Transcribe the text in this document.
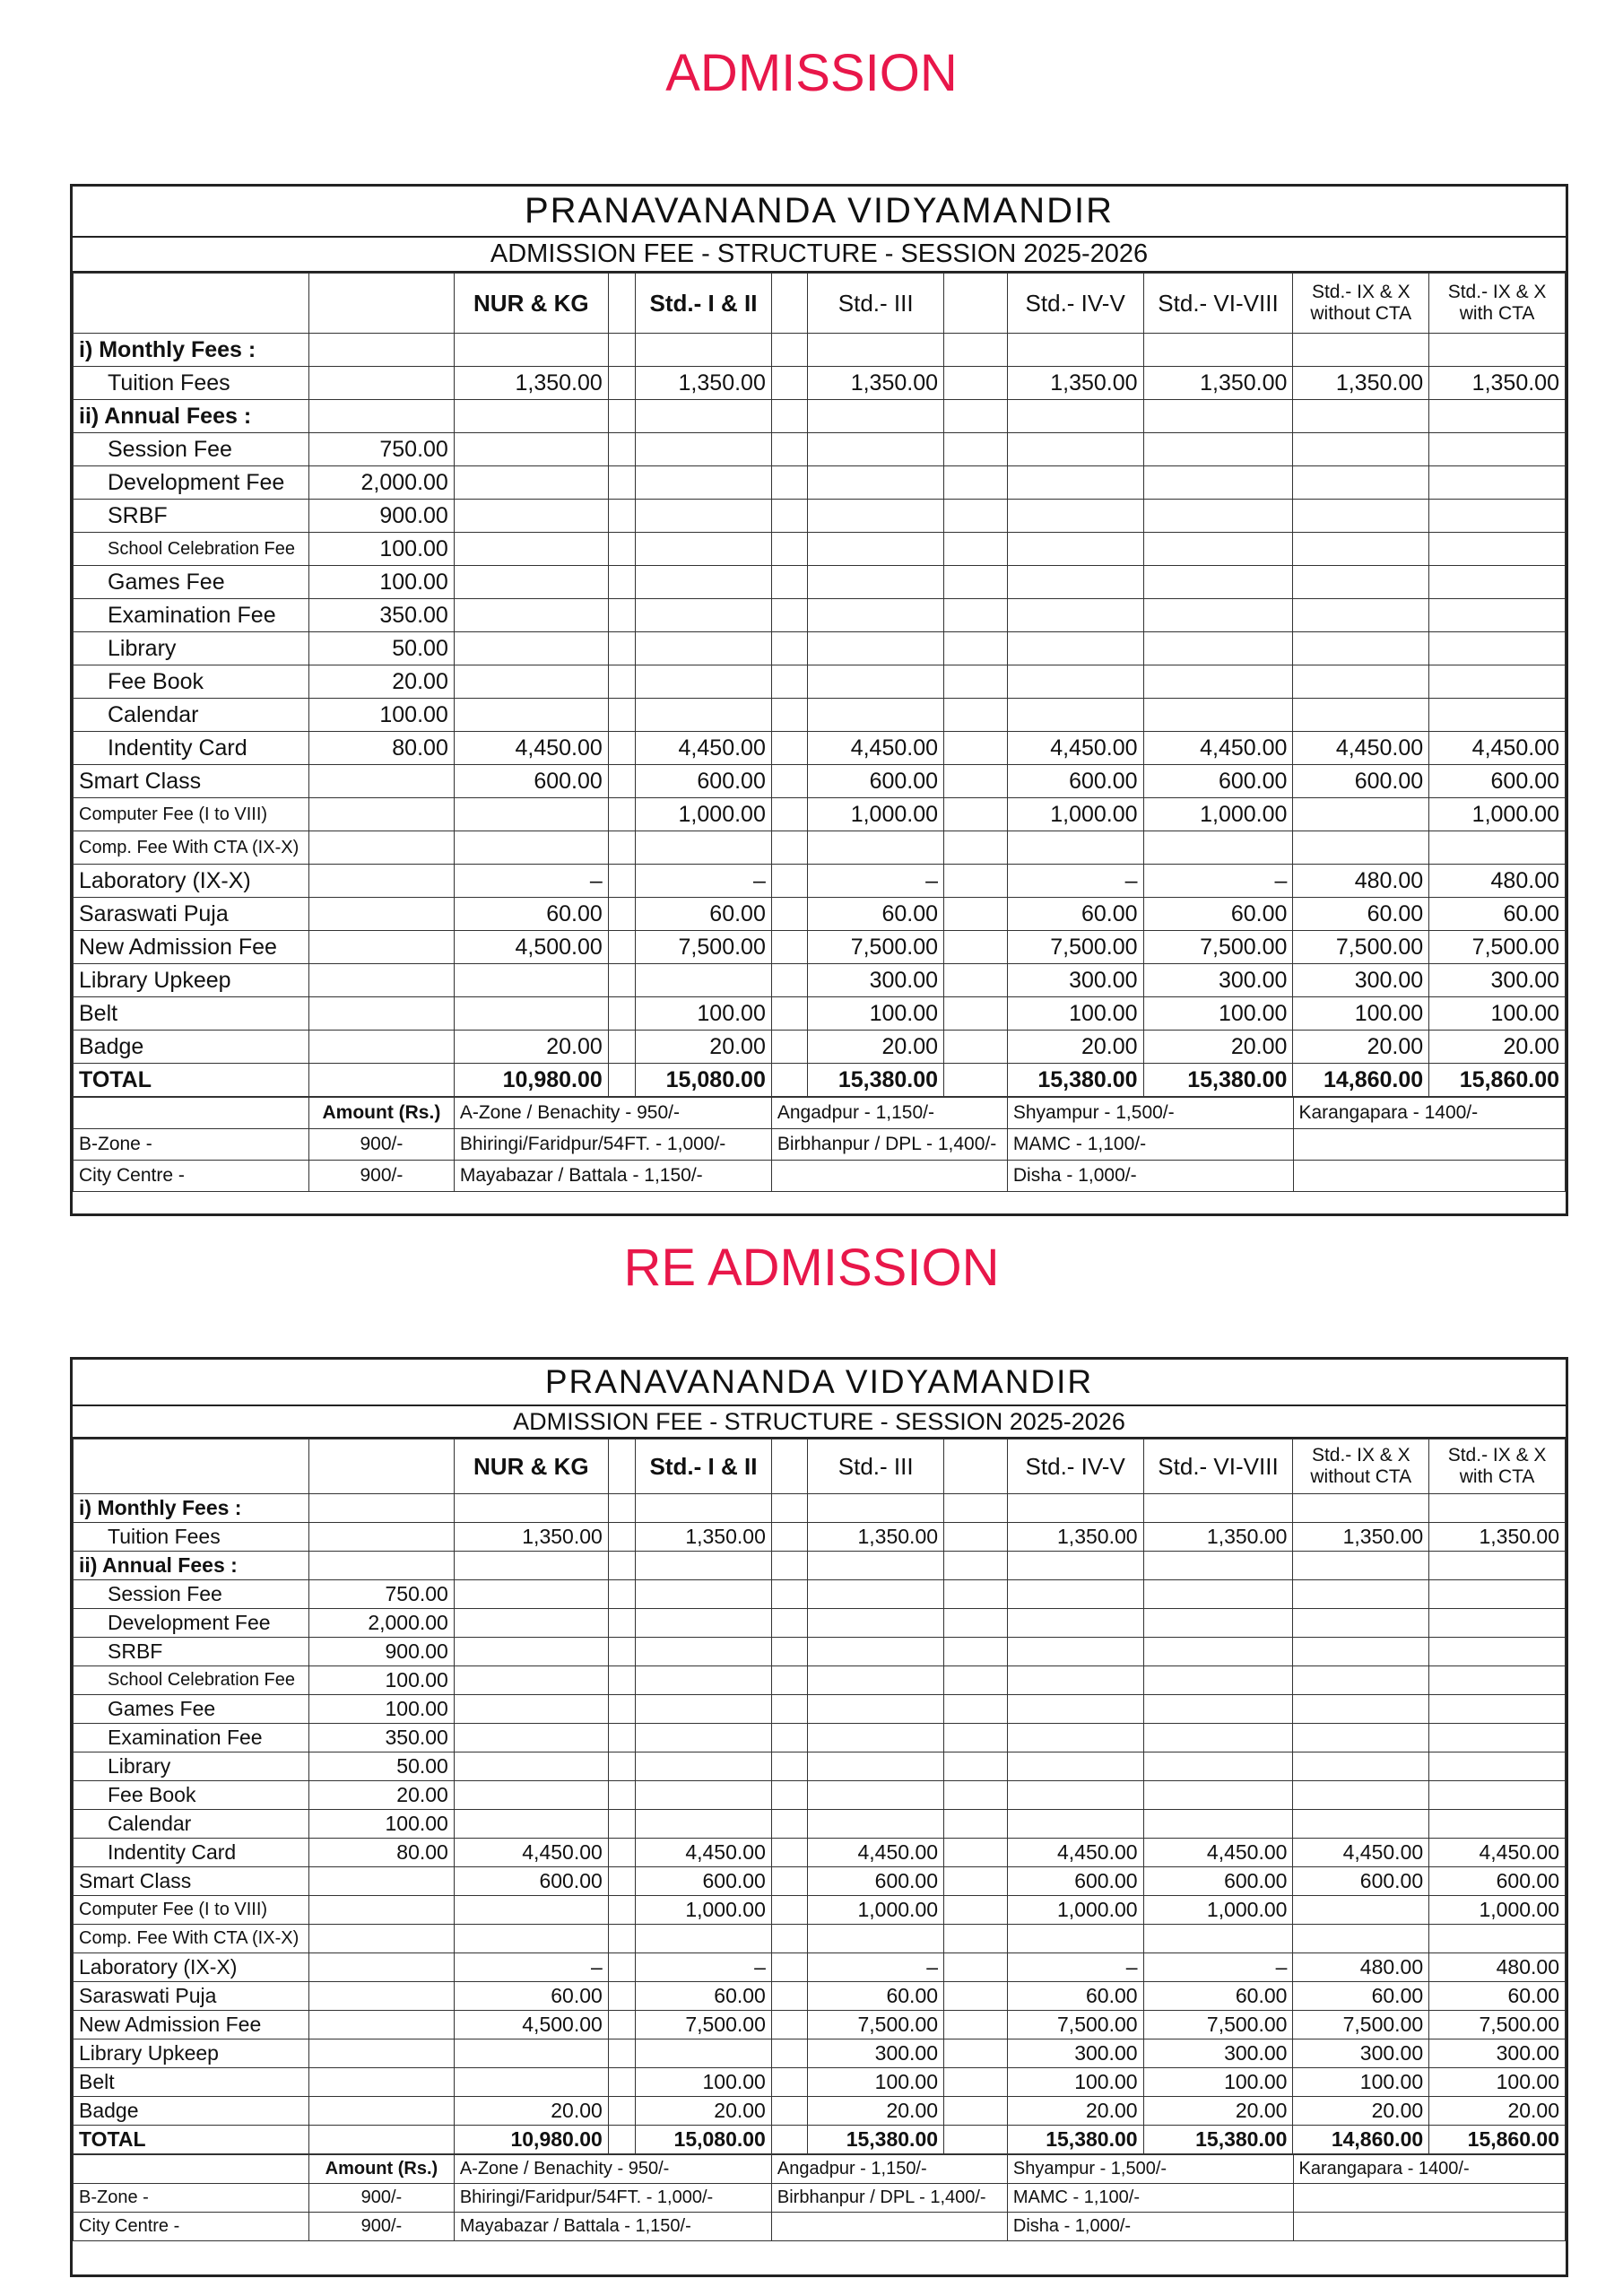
ADMISSION
RE ADMISSION
PRANAVANANDA VIDYAMANDIR
ADMISSION FEE - STRUCTURE - SESSION 2025-2026
		NUR & KG		Std.- I & II		Std.- III		Std.- IV-V	Std.- VI-VIII	Std.- IX & X without CTA	Std.- IX & X with CTA
i) Monthly Fees :											
Tuition Fees		1,350.00		1,350.00		1,350.00		1,350.00	1,350.00	1,350.00	1,350.00
ii) Annual Fees :											
Session Fee	750.00										
Development Fee	2,000.00										
SRBF	900.00										
School Celebration Fee	100.00										
Games Fee	100.00										
Examination Fee	350.00										
Library	50.00										
Fee Book	20.00										
Calendar	100.00										
Indentity Card	80.00	4,450.00		4,450.00		4,450.00		4,450.00	4,450.00	4,450.00	4,450.00
Smart Class		600.00		600.00		600.00		600.00	600.00	600.00	600.00
Computer Fee (I to VIII)				1,000.00		1,000.00		1,000.00	1,000.00		1,000.00
Comp. Fee With CTA (IX-X)											
Laboratory (IX-X)		–		–		–		–	–	480.00	480.00
Saraswati Puja		60.00		60.00		60.00		60.00	60.00	60.00	60.00
New Admission Fee		4,500.00		7,500.00		7,500.00		7,500.00	7,500.00	7,500.00	7,500.00
Library Upkeep						300.00		300.00	300.00	300.00	300.00
Belt				100.00		100.00		100.00	100.00	100.00	100.00
Badge		20.00		20.00		20.00		20.00	20.00	20.00	20.00
TOTAL		10,980.00		15,080.00		15,380.00		15,380.00	15,380.00	14,860.00	15,860.00
	Amount (Rs.)	A-Zone / Benachity - 950/-	Angadpur - 1,150/-	Shyampur - 1,500/-	Karangapara - 1400/-
B-Zone -	900/-	Bhiringi/Faridpur/54FT. - 1,000/-	Birbhanpur / DPL - 1,400/-	MAMC - 1,100/-	
City Centre -	900/-	Mayabazar / Battala - 1,150/-		Disha - 1,000/-	
PRANAVANANDA VIDYAMANDIR
ADMISSION FEE - STRUCTURE - SESSION 2025-2026
		NUR & KG		Std.- I & II		Std.- III		Std.- IV-V	Std.- VI-VIII	Std.- IX & X without CTA	Std.- IX & X with CTA
i) Monthly Fees :											
Tuition Fees		1,350.00		1,350.00		1,350.00		1,350.00	1,350.00	1,350.00	1,350.00
ii) Annual Fees :											
Session Fee	750.00										
Development Fee	2,000.00										
SRBF	900.00										
School Celebration Fee	100.00										
Games Fee	100.00										
Examination Fee	350.00										
Library	50.00										
Fee Book	20.00										
Calendar	100.00										
Indentity Card	80.00	4,450.00		4,450.00		4,450.00		4,450.00	4,450.00	4,450.00	4,450.00
Smart Class		600.00		600.00		600.00		600.00	600.00	600.00	600.00
Computer Fee (I to VIII)				1,000.00		1,000.00		1,000.00	1,000.00		1,000.00
Comp. Fee With CTA (IX-X)											
Laboratory (IX-X)		–		–		–		–	–	480.00	480.00
Saraswati Puja		60.00		60.00		60.00		60.00	60.00	60.00	60.00
New Admission Fee		4,500.00		7,500.00		7,500.00		7,500.00	7,500.00	7,500.00	7,500.00
Library Upkeep						300.00		300.00	300.00	300.00	300.00
Belt				100.00		100.00		100.00	100.00	100.00	100.00
Badge		20.00		20.00		20.00		20.00	20.00	20.00	20.00
TOTAL		10,980.00		15,080.00		15,380.00		15,380.00	15,380.00	14,860.00	15,860.00
	Amount (Rs.)	A-Zone / Benachity - 950/-	Angadpur - 1,150/-	Shyampur - 1,500/-	Karangapara - 1400/-
B-Zone -	900/-	Bhiringi/Faridpur/54FT. - 1,000/-	Birbhanpur / DPL - 1,400/-	MAMC - 1,100/-	
City Centre -	900/-	Mayabazar / Battala - 1,150/-		Disha - 1,000/-	
